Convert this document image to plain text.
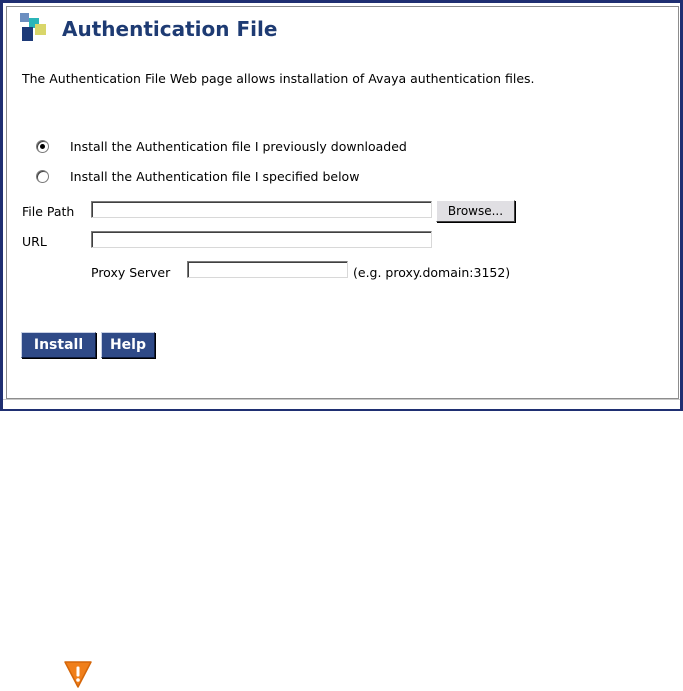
Authentication File

The Authentication File Web page allows installation of Avaya authentication files.

Install the Authentication file I previously downloaded
Install the Authentication file I specified below
File Path	Browse...
URL
Proxy Server	(e.g. proxy.domain:3152)
Install	Help
